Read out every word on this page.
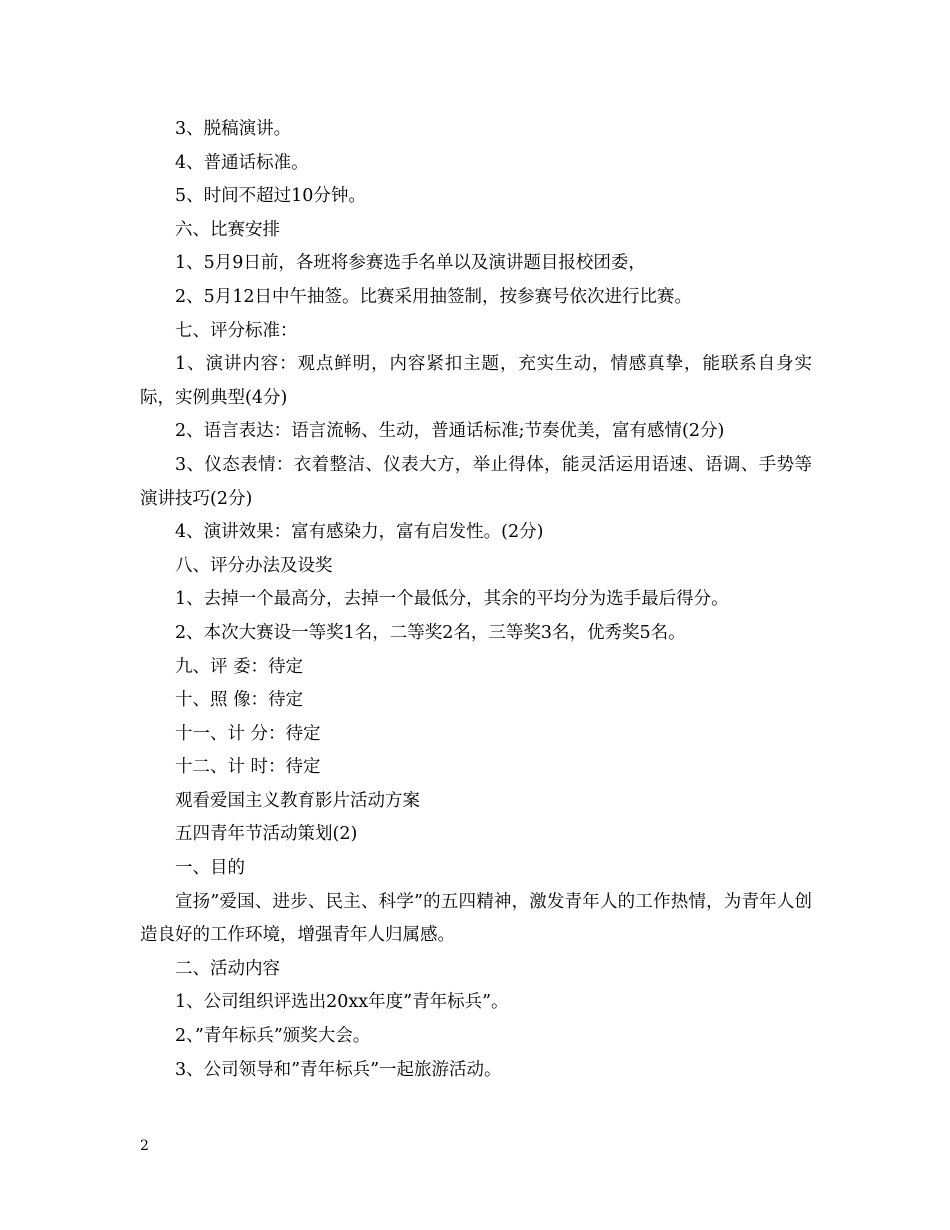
3、脱稿演讲。

4、普通话标准。

5、时间不超过10分钟。

六、比赛安排

1、5月9日前，各班将参赛选手名单以及演讲题目报校团委，

2、5月12日中午抽签。比赛采用抽签制，按参赛号依次进行比赛。

七、评分标准：

1、演讲内容：观点鲜明，内容紧扣主题，充实生动，情感真挚，能联系自身实际，实例典型(4分)

2、语言表达：语言流畅、生动，普通话标准;节奏优美，富有感情(2分)

3、仪态表情：衣着整洁、仪表大方，举止得体，能灵活运用语速、语调、手势等演讲技巧(2分)

4、演讲效果：富有感染力，富有启发性。(2分)

八、评分办法及设奖

1、去掉一个最高分，去掉一个最低分，其余的平均分为选手最后得分。

2、本次大赛设一等奖1名，二等奖2名，三等奖3名，优秀奖5名。

九、评 委：待定

十、照 像：待定

十一、计 分：待定

十二、计 时：待定

观看爱国主义教育影片活动方案

五四青年节活动策划(2)

一、目的

宣扬”爱国、进步、民主、科学”的五四精神，激发青年人的工作热情，为青年人创造良好的工作环境，增强青年人归属感。

二、活动内容

1、公司组织评选出20xx年度”青年标兵”。

2、”青年标兵”颁奖大会。

3、公司领导和”青年标兵”一起旅游活动。

2
